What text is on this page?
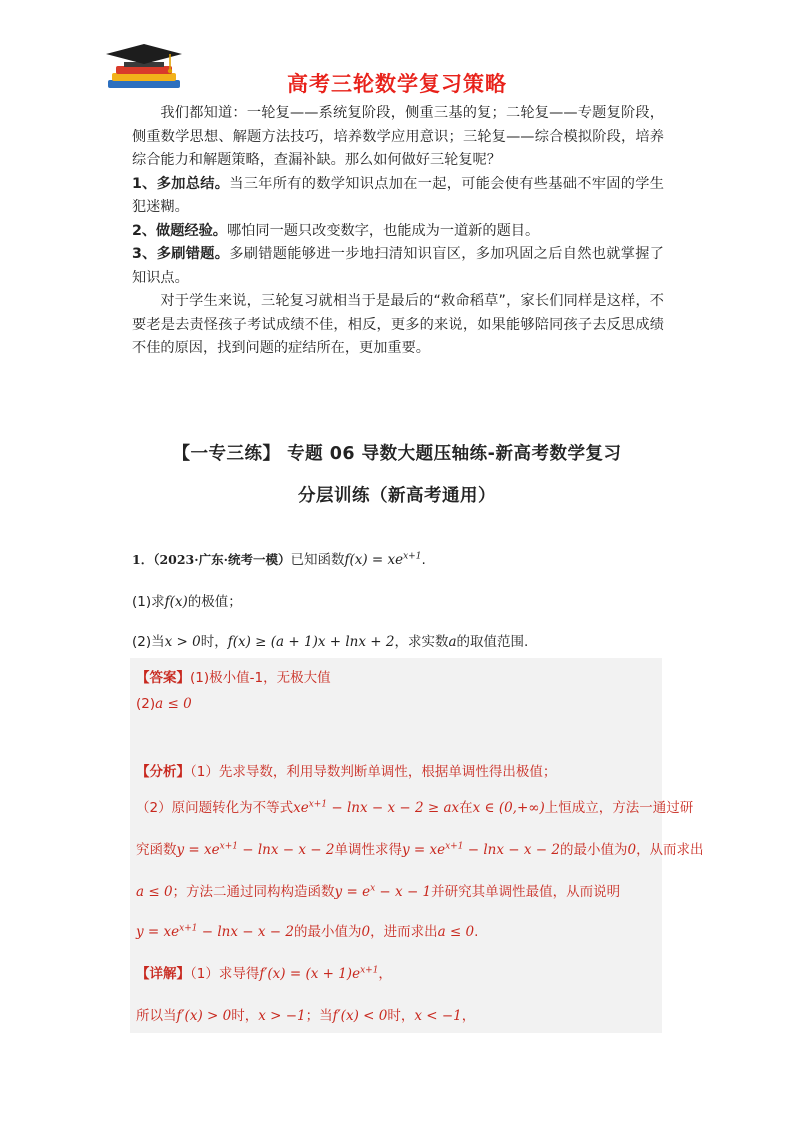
高考三轮数学复习策略

我们都知道：一轮复——系统复阶段，侧重三基的复；二轮复——专题复阶段，侧重数学思想、解题方法技巧，培养数学应用意识；三轮复——综合模拟阶段，培养综合能力和解题策略，查漏补缺。那么如何做好三轮复呢？

1、多加总结。当三年所有的数学知识点加在一起，可能会使有些基础不牢固的学生犯迷糊。

2、做题经验。哪怕同一题只改变数字，也能成为一道新的题目。

3、多刷错题。多刷错题能够进一步地扫清知识盲区，多加巩固之后自然也就掌握了知识点。

对于学生来说，三轮复习就相当于是最后的“救命稻草”，家长们同样是这样，不要老是去责怪孩子考试成绩不佳，相反，更多的来说，如果能够陪同孩子去反思成绩不佳的原因，找到问题的症结所在，更加重要。

【一专三练】 专题 06 导数大题压轴练-新高考数学复习
分层训练（新高考通用）
1．（2023·广东·统考一模）已知函数$f(x) = xe^{x+1}$.
(1)求f(x)的极值；
(2)当x > 0时，f(x) ≥ (a + 1)x + lnx + 2，求实数a的取值范围.
【答案】(1)极小值-1，无极大值
(2)a ≤ 0
【分析】（1）先求导数，利用导数判断单调性，根据单调性得出极值；
（2）原问题转化为不等式$xe^{x+1} - \ln x - x - 2$ ≥ ax在x ∈ (0,+∞)上恒成立，方法一通过研
究函数$y = xe^{x+1} - \ln x - x - 2$单调性求得$y = xe^{x+1} - \ln x - x - 2$的最小值为0，从而求出
a ≤ 0；方法二通过同构构造函数$y = e^x - x - 1$并研究其单调性最值，从而说明
$y = xe^{x+1} - \ln x - x - 2$的最小值为0，进而求出a ≤ 0.
【详解】（1）求导得$f'(x) = (x + 1)e^{x+1}$，
所以当f′(x) > 0时，x > −1；当f′(x) < 0时，x < −1，
